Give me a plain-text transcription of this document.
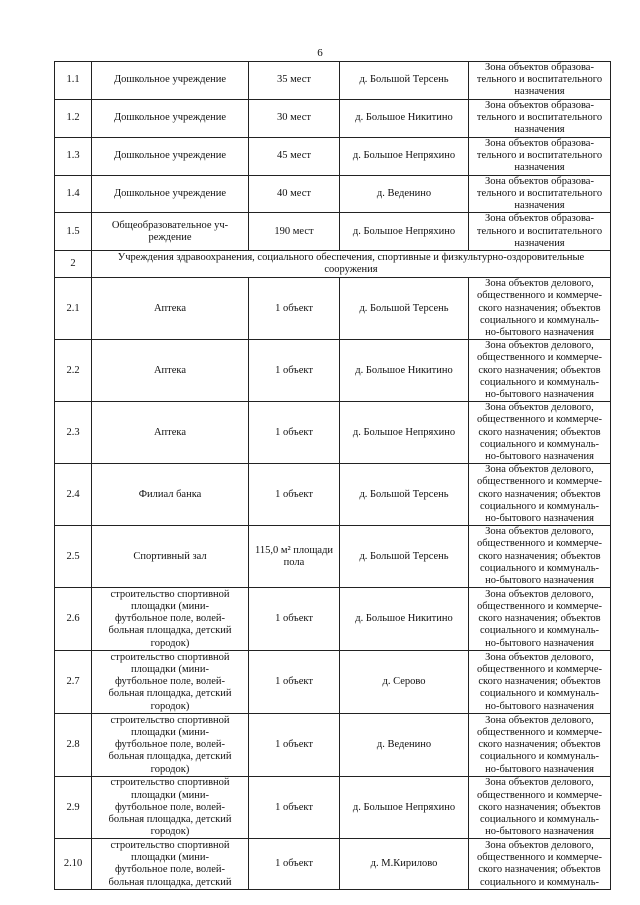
6
1.1	Дошкольное учреждение	35 мест	д. Большой Терсень	Зона объектов образова-
тельного и воспитательного
назначения

1.2	Дошкольное учреждение	30 мест	д. Большое Никитино	Зона объектов образова-
тельного и воспитательного
назначения

1.3	Дошкольное учреждение	45 мест	д. Большое Непряхино	Зона объектов образова-
тельного и воспитательного
назначения

1.4	Дошкольное учреждение	40 мест	д. Веденино	Зона объектов образова-
тельного и воспитательного
назначения

1.5	Общеобразовательное уч-
реждение	190 мест	д. Большое Непряхино	Зона объектов образова-
тельного и воспитательного
назначения

2	Учреждения здравоохранения, социального обеспечения, спортивные и физкультурно-оздоровительные
сооружения			

2.1	Аптека	1 объект	д. Большой Терсень	Зона объектов делового,
общественного и коммерче-
ского назначения; объектов
социального и коммуналь-
но-бытового назначения

2.2	Аптека	1 объект	д. Большое Никитино	Зона объектов делового,
общественного и коммерче-
ского назначения; объектов
социального и коммуналь-
но-бытового назначения

2.3	Аптека	1 объект	д. Большое Непряхино	Зона объектов делового,
общественного и коммерче-
ского назначения; объектов
социального и коммуналь-
но-бытового назначения

2.4	Филиал банка	1 объект	д. Большой Терсень	Зона объектов делового,
общественного и коммерче-
ского назначения; объектов
социального и коммуналь-
но-бытового назначения

2.5	Спортивный зал	115,0 м² площади
пола	д. Большой Терсень	Зона объектов делового,
общественного и коммерче-
ского назначения; объектов
социального и коммуналь-
но-бытового назначения

2.6	строительство спортивной
площадки (мини-
футбольное поле, волей-
больная площадка, детский
городок)	1 объект	д. Большое Никитино	Зона объектов делового,
общественного и коммерче-
ского назначения; объектов
социального и коммуналь-
но-бытового назначения

2.7	строительство спортивной
площадки (мини-
футбольное поле, волей-
больная площадка, детский
городок)	1 объект	д. Серово	Зона объектов делового,
общественного и коммерче-
ского назначения; объектов
социального и коммуналь-
но-бытового назначения

2.8	строительство спортивной
площадки (мини-
футбольное поле, волей-
больная площадка, детский
городок)	1 объект	д. Веденино	Зона объектов делового,
общественного и коммерче-
ского назначения; объектов
социального и коммуналь-
но-бытового назначения

2.9	строительство спортивной
площадки (мини-
футбольное поле, волей-
больная площадка, детский
городок)	1 объект	д. Большое Непряхино	Зона объектов делового,
общественного и коммерче-
ского назначения; объектов
социального и коммуналь-
но-бытового назначения

2.10	строительство спортивной
площадки (мини-
футбольное поле, волей-
больная площадка, детский	1 объект	д. М.Кирилово	Зона объектов делового,
общественного и коммерче-
ского назначения; объектов
социального и коммуналь-
